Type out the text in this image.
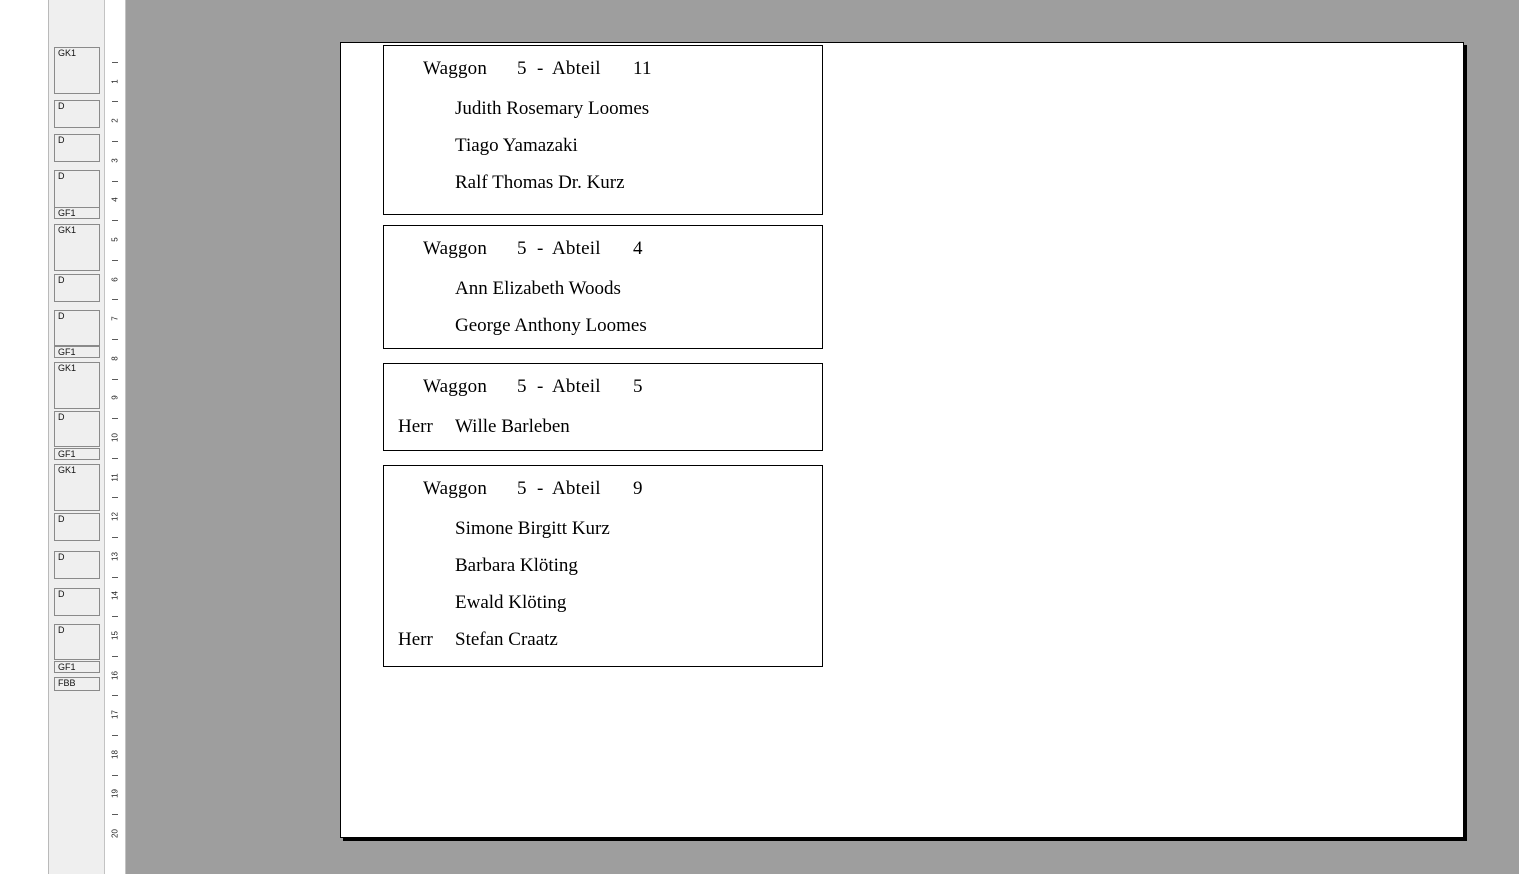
GK1
D
D
D
GF1
GK1
D
D
GF1
GK1
D
GF1
GK1
D
D
D
D
GF1
FBB
1
2
3
4
5
6
7
8
9
10
11
12
13
14
15
16
17
18
19
20
Waggon 5 - Abteil 11
Judith Rosemary Loomes
Tiago Yamazaki
Ralf Thomas Dr. Kurz
Waggon 5 - Abteil 4
Ann Elizabeth Woods
George Anthony Loomes
Waggon 5 - Abteil 5
Herr Wille Barleben
Waggon 5 - Abteil 9
Simone Birgitt Kurz
Barbara Klöting
Ewald Klöting
Herr Stefan Craatz
